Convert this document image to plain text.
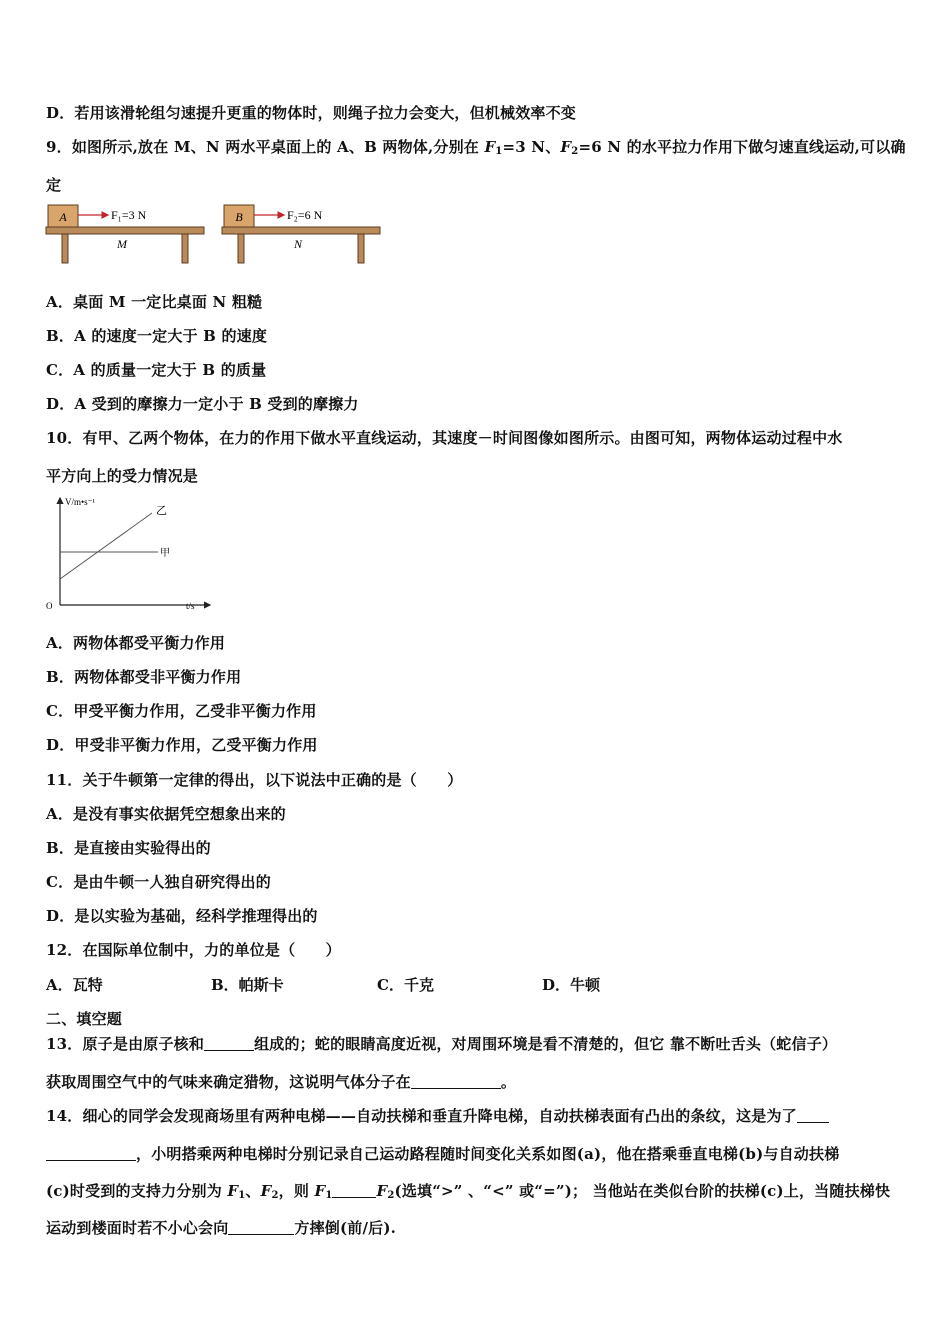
D．若用该滑轮组匀速提升更重的物体时，则绳子拉力会变大，但机械效率不变
9．如图所示,放在 M、N 两水平桌面上的 A、B 两物体,分别在 $F_1=3$ N、$F_2=6$ N 的水平拉力作用下做匀速直线运动,可以确
定
A	F₁=3 N
M
B	F₂=6 N
N
A．桌面 M 一定比桌面 N 粗糙
B．A 的速度一定大于 B 的速度
C．A 的质量一定大于 B 的质量
D．A 受到的摩擦力一定小于 B 受到的摩擦力
10．有甲、乙两个物体，在力的作用下做水平直线运动，其速度－时间图像如图所示。由图可知，两物体运动过程中水
平方向上的受力情况是
V/m•s⁻¹
t/s
O
乙
甲
A．两物体都受平衡力作用
B．两物体都受非平衡力作用
C．甲受平衡力作用，乙受非平衡力作用
D．甲受非平衡力作用，乙受平衡力作用
11．关于牛顿第一定律的得出，以下说法中正确的是（　　）
A．是没有事实依据凭空想象出来的
B．是直接由实验得出的
C．是由牛顿一人独自研究得出的
D．是以实验为基础，经科学推理得出的
12．在国际单位制中，力的单位是（　　）
A．瓦特	B．帕斯卡	C．千克	D．牛顿
二、填空题
13．原子是由原子核和	组成的；蛇的眼睛高度近视，对周围环境是看不清楚的，但它 靠不断吐舌头（蛇信子）
获取周围空气中的气味来确定猎物，这说明气体分子在	。
14．细心的同学会发现商场里有两种电梯——自动扶梯和垂直升降电梯，自动扶梯表面有凸出的条纹，这是为了
，小明搭乘两种电梯时分别记录自己运动路程随时间变化关系如图(a)，他在搭乘垂直电梯(b)与自动扶梯
(c)时受到的支持力分别为 $F_1$、$F_2$，则 $F_1$	$F_2$(选填“>” 、“<” 或“=”)； 当他站在类似台阶的扶梯(c)上，当随扶梯快
运动到楼面时若不小心会向	方摔倒(前/后).
